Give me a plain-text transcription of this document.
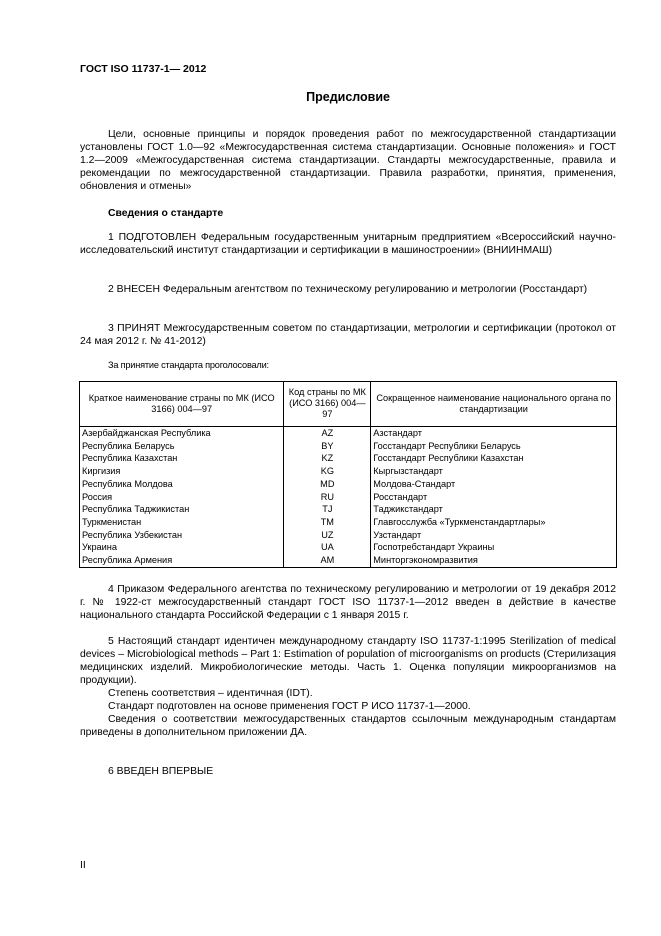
ГОСТ ISO 11737-1— 2012
Предисловие
Цели, основные принципы и порядок проведения работ по межгосударственной стандартизации установлены ГОСТ 1.0—92 «Межгосударственная система стандартизации. Основные положения» и ГОСТ 1.2—2009 «Межгосударственная система стандартизации. Стандарты межгосударственные, правила и рекомендации по межгосударственной стандартизации. Правила разработки, принятия, применения, обновления и отмены»
Сведения о стандарте
1 ПОДГОТОВЛЕН Федеральным государственным унитарным предприятием «Всероссийский научно-исследовательский институт стандартизации и сертификации в машиностроении» (ВНИИНМАШ)
2 ВНЕСЕН Федеральным агентством по техническому регулированию и метрологии (Росстандарт)
3 ПРИНЯТ Межгосударственным советом по стандартизации, метрологии и сертификации (протокол от 24 мая 2012 г. № 41-2012)
За принятие стандарта проголосовали:
Краткое наименование страны по МК (ИСО 3166) 004—97	Код страны по МК (ИСО 3166) 004—97	Сокращенное наименование национального органа по стандартизации
Азербайджанская Республика	AZ	Азстандарт
Республика Беларусь	BY	Госстандарт Республики Беларусь
Республика Казахстан	KZ	Госстандарт Республики Казахстан
Киргизия	KG	Кыргызстандарт
Республика Молдова	MD	Молдова-Стандарт
Россия	RU	Росстандарт
Республика Таджикистан	TJ	Таджикстандарт
Туркменистан	TM	Главгосслужба «Туркменстандартлары»
Республика Узбекистан	UZ	Узстандарт
Украина	UA	Госпотребстандарт Украины
Республика Армения	AM	Минторгэкономразвития
4 Приказом Федерального агентства по техническому регулированию и метрологии от 19 декабря 2012 г. № 1922-ст межгосударственный стандарт ГОСТ ISO 11737-1—2012 введен в действие в качестве национального стандарта Российской Федерации с 1 января 2015 г.
5 Настоящий стандарт идентичен международному стандарту ISO 11737-1:1995 Sterilization of medical devices – Microbiological methods – Part 1: Estimation of population of microorganisms on products (Стерилизация медицинских изделий. Микробиологические методы. Часть 1. Оценка популяции микроорганизмов на продукции).
Степень соответствия – идентичная (IDT).
Стандарт подготовлен на основе применения ГОСТ Р ИСО 11737-1—2000.
Сведения о соответствии межгосударственных стандартов ссылочным международным стандартам приведены в дополнительном приложении ДА.
6 ВВЕДЕН ВПЕРВЫЕ
II
